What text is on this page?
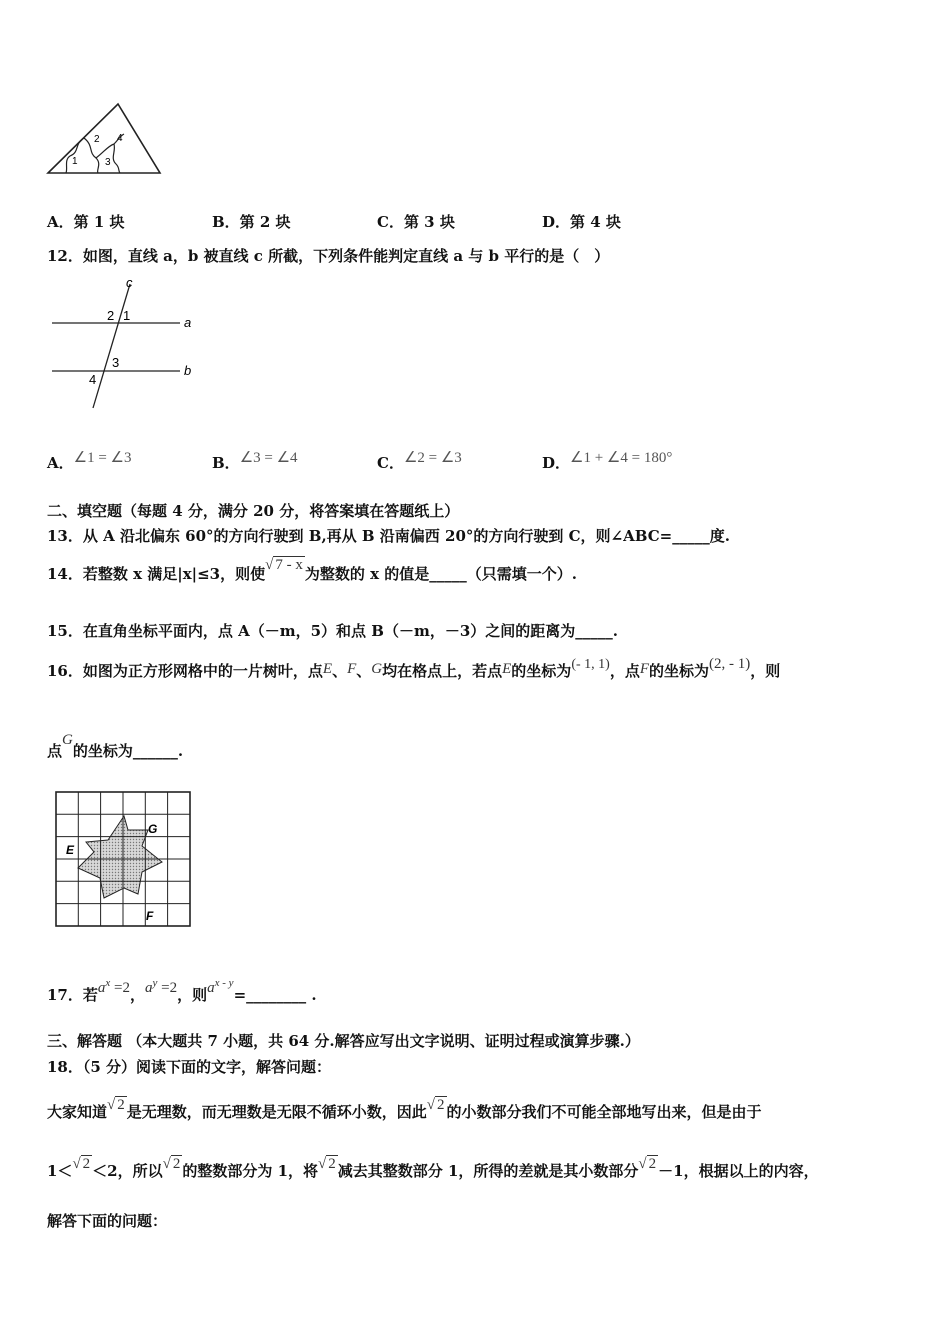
1
2
3
4
A．第 1 块	B．第 2 块	C．第 3 块	D．第 4 块
12．如图，直线 a，b 被直线 c 所截，下列条件能判定直线 a 与 b 平行的是（　）
c
a
b
2 1
3
4
A．∠1 = ∠3	B．∠3 = ∠4	C．∠2 = ∠3	D．∠1 + ∠4 = 180°
二、填空题（每题 4 分，满分 20 分，将答案填在答题纸上）
13．从 A 沿北偏东 60°的方向行驶到 B,再从 B 沿南偏西 20°的方向行驶到 C，则∠ABC=_____度.
14．若整数 x 满足|x|≤3，则使√ 7 - x 为整数的 x 的值是_____（只需填一个）.
15．在直角坐标平面内，点 A（－m，5）和点 B（－m，－3）之间的距离为_____.
16．如图为正方形网格中的一片树叶，点E、F、G均在格点上，若点E的坐标为(- 1, 1)，点F的坐标为(2, - 1)，则
点G的坐标为______.
E
G
F
17．若$a^x =2$，$a^y =2$，则$a^{x - y}=\_\_\_\_\_\_\_\_$ .
三、解答题 （本大题共 7 小题，共 64 分.解答应写出文字说明、证明过程或演算步骤.）
18．（5 分）阅读下面的文字，解答问题：
大家知道√ 2 是无理数，而无理数是无限不循环小数，因此√ 2 的小数部分我们不可能全部地写出来，但是由于
1＜√ 2 ＜2，所以√ 2 的整数部分为 1，将√ 2 减去其整数部分 1，所得的差就是其小数部分√ 2 －1，根据以上的内容，
解答下面的问题：
